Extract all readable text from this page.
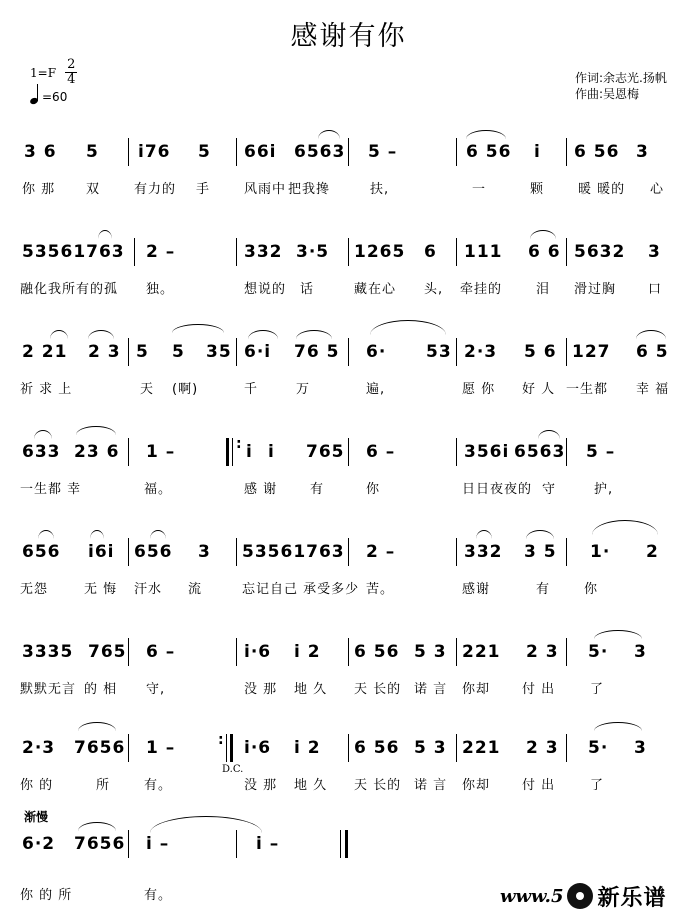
感谢有你
$1=F \frac{2}{4}$
=60
作词:余志光.扬帆
作曲:吴恩梅
3 6 5 i76 5 66i 6563 5 –	6 56 i 6 56 3
你 那 双	有力的 手	风雨中 把我搀	扶,	一	颗	暖 暖的 心
53561763 2 –	332 3·5 1265 6 111 6 6 5632 3
融化我所有的孤 独。	想说的 话	藏在心 头, 牵挂的	泪 滑过胸 口
2 21 2 3 5 5 35 6·i 76 5 6· 53 2·3 5 6 127 6 5
祈 求 上	天 (啊)	千	万	遍,	愿 你 好 人 一生都 幸 福
633 23 6 1 –	: i i 765 6 –	356i 6563 5 –
一生都 幸	福。	感 谢	有	你	日日夜夜的 守	护,
656 i6i 656 3 53561763 2 –	332 3 5 1· 2
无怨	无 悔 汗水 流	忘记自己 承受多少 苦。	感谢	有	你
3335 765 6 –	i·6 i 2 6 56 5 3 221 2 3 5· 3
默默无言 的 相 守,	没 那 地 久 天 长的 诺 言 你却 付 出	了
2·3 7656 1 –	:
D.C.
i·6 i 2 6 56 5 3 221 2 3 5· 3
你 的	所	有。	没 那 地 久 天 长的 诺 言 你却 付 出	了
渐慢
6·2 7656 i –	i –
你 的 所	有。	www.5 新乐谱
